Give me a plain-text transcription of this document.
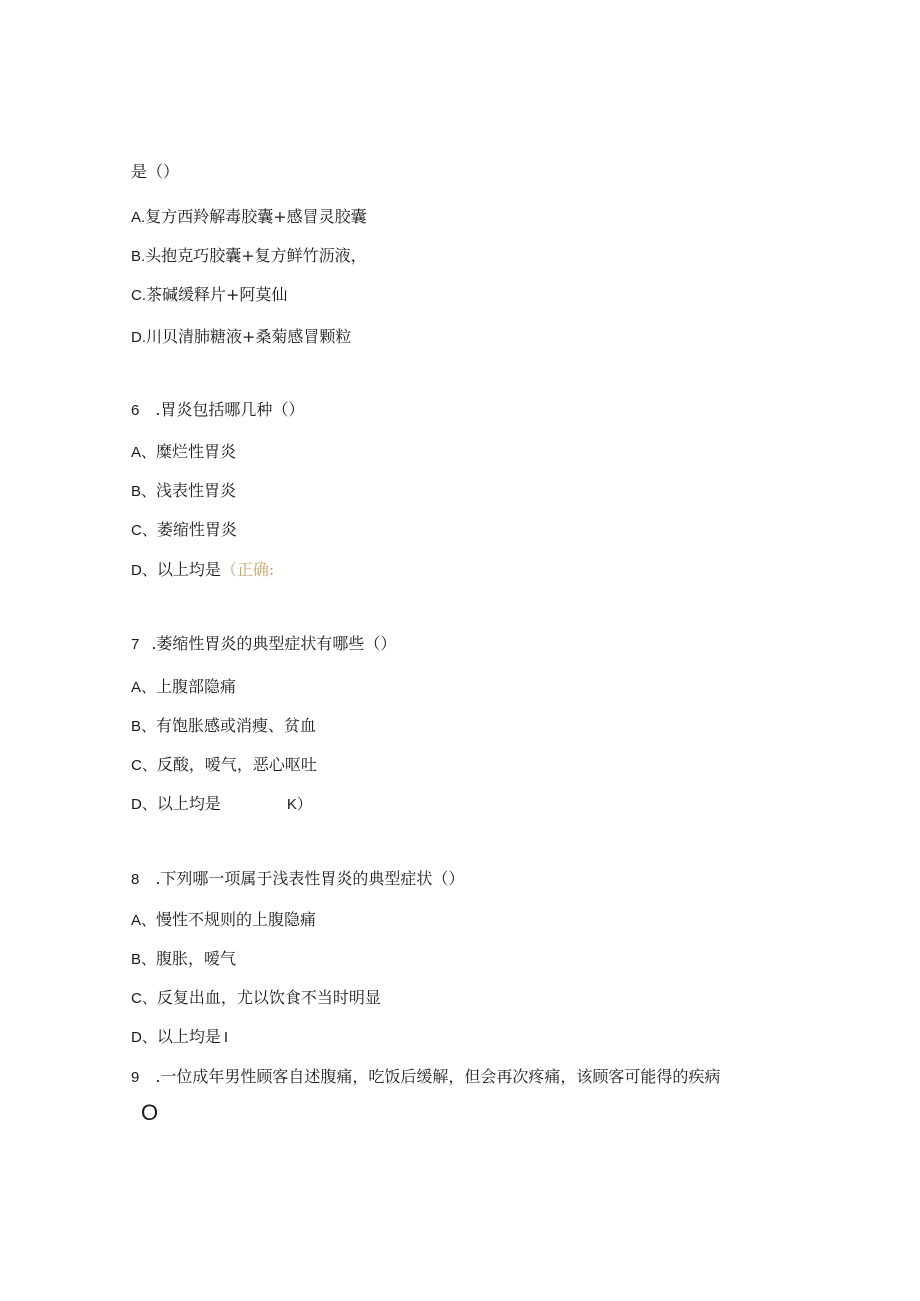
是（）
A.复方西羚解毒胶囊+感冒灵胶囊
B.头抱克巧胶囊+复方鲜竹沥液，
C.茶碱缓释片+阿莫仙
D.川贝清肺糖液+桑菊感冒颗粒
6 .胃炎包括哪几种（）
A、糜烂性胃炎
B、浅表性胃炎
C、萎缩性胃炎
D、以上均是（正确:
7 .萎缩性胃炎的典型症状有哪些（）
A、上腹部隐痛
B、有饱胀感或消瘦、贫血
C、反酸，嗳气，恶心呕吐
D、以上均是	K）
8 .下列哪一项属于浅表性胃炎的典型症状（）
A、慢性不规则的上腹隐痛
B、腹胀，嗳气
C、反复出血，尤以饮食不当时明显
D、以上均是 I
9 .一位成年男性顾客自述腹痛，吃饭后缓解，但会再次疼痛，该顾客可能得的疾病
O
